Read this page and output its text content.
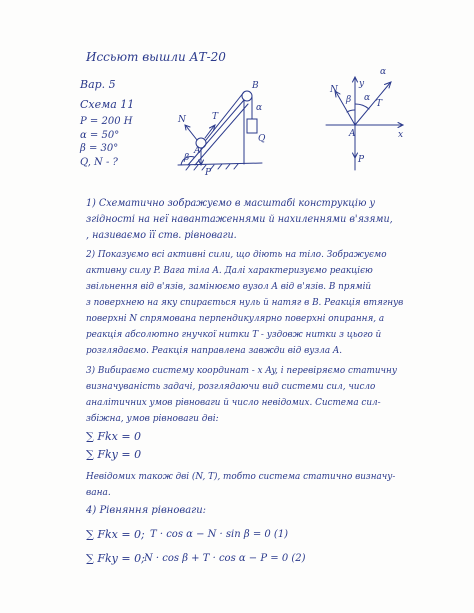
Иссьют вышли АТ-20
Вар. 5
Схема 11
P = 200 Н
α = 50°
β = 30°
Q, N - ?
B
N	T
A
P
Q
α
β
N
β
y
α
T
A	x
P
α
1) Cхематично зображуємо в масштабі конструкцію у
згідності на неї навантаженнями й нахиленнями в'язями,
, називаємо її ств. рівноваги.
2) Показуємо всі активні сили, що діють на тіло. Зображуємо
активну силу P. Вага тіла A. Далі характеризуємо реакцією
звільнення від в'язів, замінюємо вузол A від в'язів. В прямій
з поверхнею на яку спирається нуль й натяг в B. Реакція втягнув
поверхні N спрямована перпендикулярно поверхні опирання, а
реакція абсолютно гнучкої нитки T - уздовж нитки з цього й
розглядаємо. Реакція направлена завжди від вузла A.
3) Вибираємо систему координат - x Ay, і перевіряємо статичну
визначуваність задачі, розглядаючи вид системи сил, число
аналітичних умов рівноваги й число невідомих. Система сил-
збіжна, умов рівноваги дві:
∑ Fkx = 0
∑ Fky = 0
Невідомих також дві (N, T), тобто система статично визначу-
вана.
4) Рівняння рівноваги:
∑ Fkx = 0; T · cos α − N · sin β = 0 (1)
∑ Fky = 0; N · cos β + T · cos α − P = 0 (2)
